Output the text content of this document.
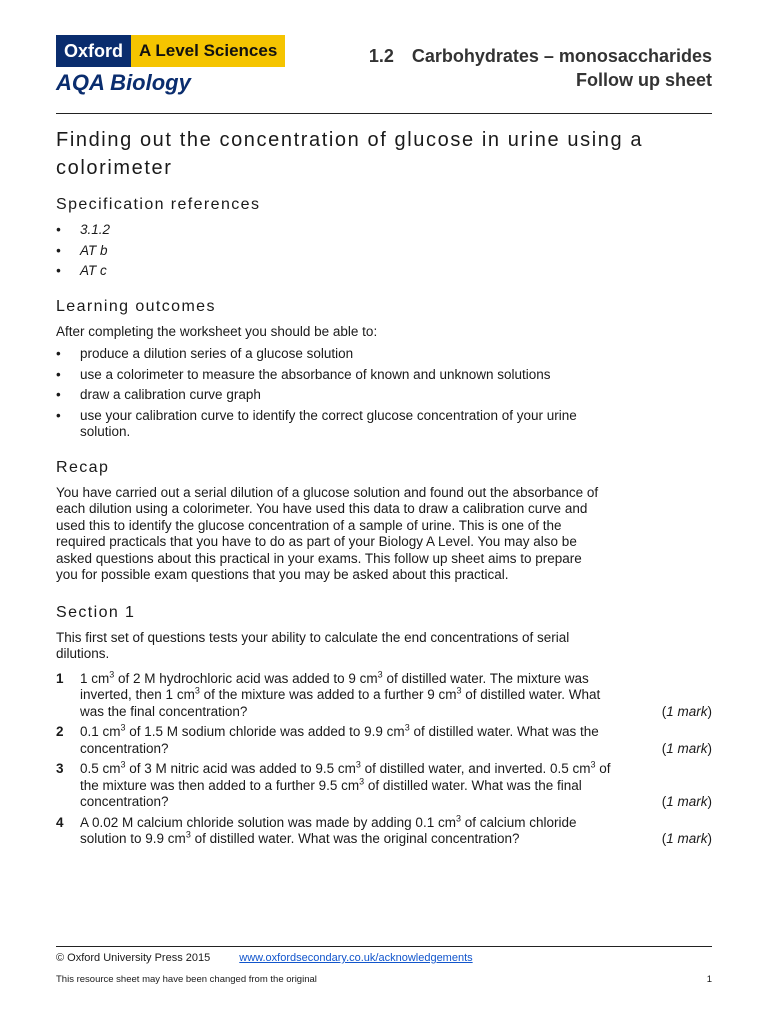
Oxford A Level Sciences
AQA Biology
1.2 Carbohydrates – monosaccharides
Follow up sheet
Finding out the concentration of glucose in urine using a colorimeter
Specification references
• 3.1.2
• AT b
• AT c
Learning outcomes

After completing the worksheet you should be able to:

• produce a dilution series of a glucose solution
• use a colorimeter to measure the absorbance of known and unknown solutions
• draw a calibration curve graph
• use your calibration curve to identify the correct glucose concentration of your urine solution.
Recap

You have carried out a serial dilution of a glucose solution and found out the absorbance of each dilution using a colorimeter. You have used this data to draw a calibration curve and used this to identify the glucose concentration of a sample of urine. This is one of the required practicals that you have to do as part of your Biology A Level. You may also be asked questions about this practical in your exams. This follow up sheet aims to prepare you for possible exam questions that you may be asked about this practical.

Section 1

This first set of questions tests your ability to calculate the end concentrations of serial dilutions.

1	1 $cm^3$ of 2 M hydrochloric acid was added to 9 $cm^3$ of distilled water. The mixture was inverted, then 1 $cm^3$ of the mixture was added to a further 9 $cm^3$ of distilled water. What was the final concentration?	(1 mark)
2	0.1 $cm^3$ of 1.5 M sodium chloride was added to 9.9 $cm^3$ of distilled water. What was the concentration?	(1 mark)
3	0.5 $cm^3$ of 3 M nitric acid was added to 9.5 $cm^3$ of distilled water, and inverted. 0.5 $cm^3$ of the mixture was then added to a further 9.5 $cm^3$ of distilled water. What was the final concentration?	(1 mark)
4	A 0.02 M calcium chloride solution was made by adding 0.1 $cm^3$ of calcium chloride solution to 9.9 $cm^3$ of distilled water. What was the original concentration?	(1 mark)
© Oxford University Press 2015	www.oxfordsecondary.co.uk/acknowledgements
This resource sheet may have been changed from the original	1
